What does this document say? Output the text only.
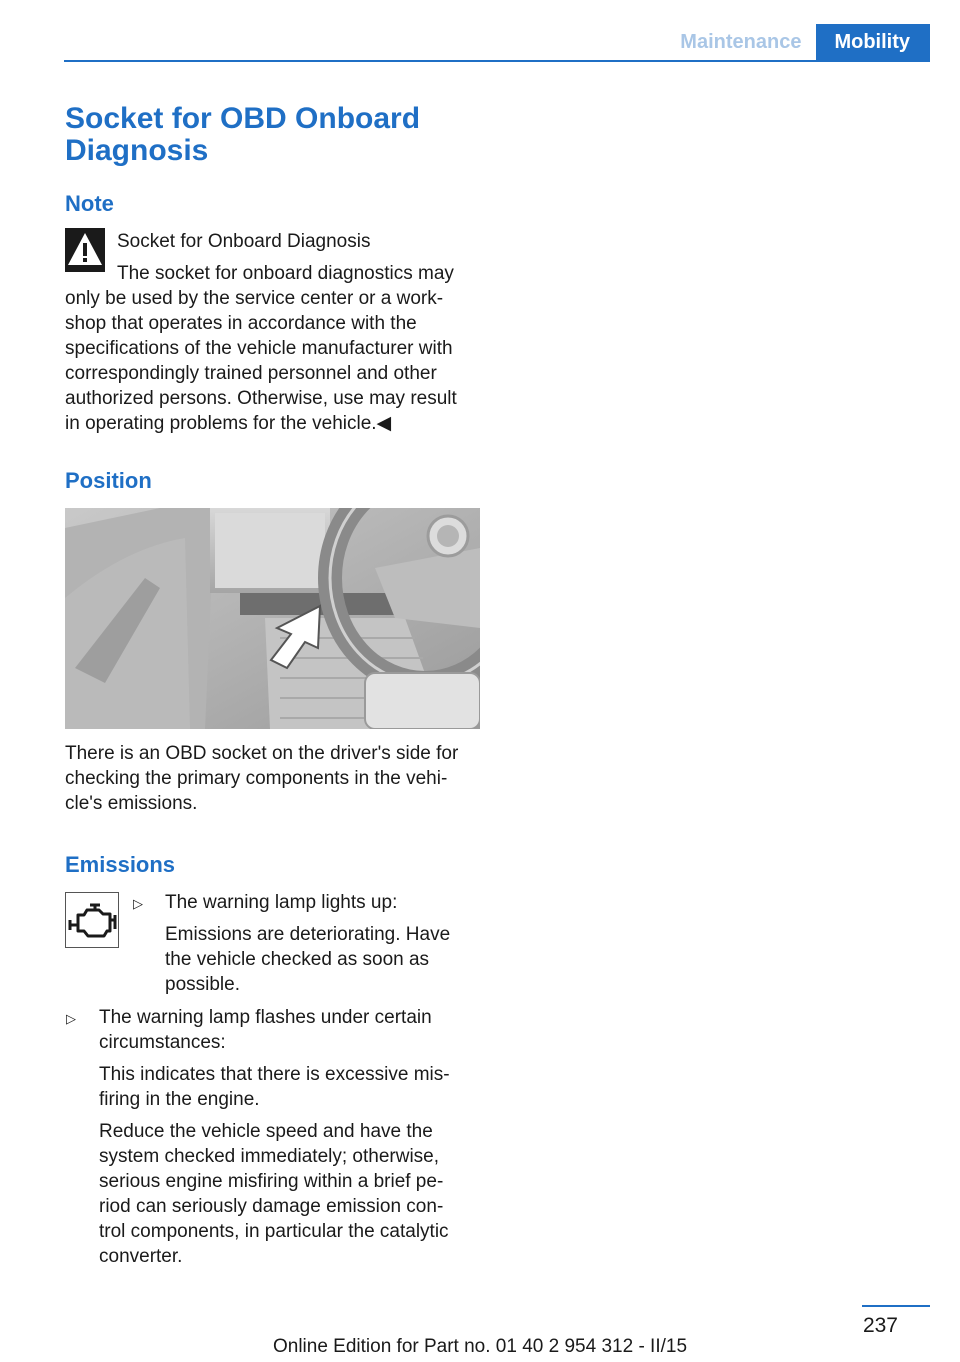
Maintenance	Mobility
Socket for OBD Onboard Diagnosis
Note
Socket for Onboard Diagnosis
The socket for onboard diagnostics may
only be used by the service center or a work‐
shop that operates in accordance with the
specifications of the vehicle manufacturer with
correspondingly trained personnel and other
authorized persons. Otherwise, use may result
in operating problems for the vehicle.◀
Position
There is an OBD socket on the driver's side for
checking the primary components in the vehi‐
cle's emissions.
Emissions
▷ The warning lamp lights up:
Emissions are deteriorating. Have
the vehicle checked as soon as
possible.
▷ The warning lamp flashes under certain
circumstances:
This indicates that there is excessive mis‐
firing in the engine.
Reduce the vehicle speed and have the
system checked immediately; otherwise,
serious engine misfiring within a brief pe‐
riod can seriously damage emission con‐
trol components, in particular the catalytic
converter.
237
Online Edition for Part no. 01 40 2 954 312 - II/15
